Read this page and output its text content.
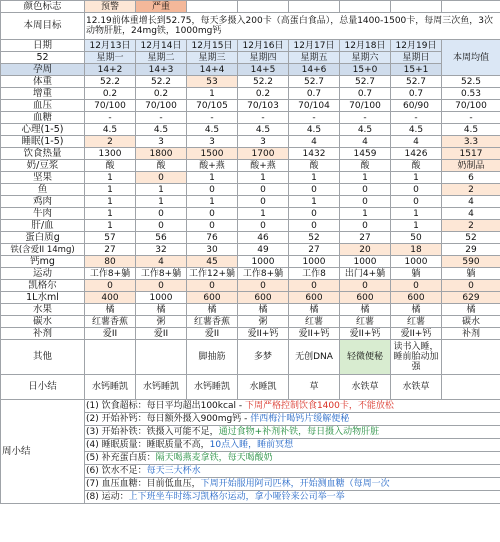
颜色标志	预警	严重						
本周目标	12.19前体重增长到52.75，每天多摄入200卡（高蛋白食品），总量1400-1500卡，每周三次鱼，3次动物肝脏，24mg铁，1000mg钙							
日期	12月13日	12月14日	12月15日	12月16日	12月17日	12月18日	12月19日	本周均值
52	星期一	星期二	星期三	星期四	星期五	星期六	星期日	
孕周	14+2	14+3	14+4	14+5	14+6	15+0	15+1	
体重	52.2	52.2	53	52.2	52.7	52.7	52.7	52.5
增重	0.2	0.2	1	0.2	0.7	0.7	0.7	0.53
血压	70/100	70/100	70/105	70/103	70/104	70/100	60/90	70/100
血糖	-	-	-	-	-	-	-	-
心理(1-5)	4.5	4.5	4.5	4.5	4.5	4.5	4.5	4.5
睡眠(1-5)	2	3	3	3	4	4	4	3.3
饮食热量	1300	1800	1500	1700	1432	1459	1426	1517
奶/豆浆	酸	酸	酸+燕	酸+燕	酸	酸	酸	奶制品
坚果	1	0	1	1	1	1	1	6
鱼	1	1	0	0	0	0	0	2
鸡肉	1	1	1	0	1	0	0	4
牛肉	1	0	0	1	0	1	1	4
肝/血	1	0	0	0	0	0	1	2
蛋白质g	57	56	76	46	52	27	50	52
铁(含爱II 14mg)	27	32	30	49	27	20	18	29
钙mg	80	4	45	1000	1000	1000	1000	590
运动	工作8+躺	工作8+躺	工作12+躺	工作8+躺	工作8	出门4+躺	躺	躺
凯格尔	0	0	0	0	0	0	0	0
1L水ml	400	1000	600	600	600	600	600	629
水果	橘	橘	橘	橘	橘	橘	橘	橘
碳水	红薯香蕉	粥	红薯香蕉	粥	红薯	红薯	红薯	碳水
补剂	爱II	爱II	爱II	爱II+钙	爱II+钙	爱II+钙	爱II+钙	补剂
其他			脚抽筋	多梦	无创DNA	轻微便秘	读书入睡，睡前胎动加强	
日小结	水钙睡凯	水钙睡凯	水钙睡凯	水睡凯	草	水铁草	水铁草	
周小结	(1) 饮食超标：每日平均超出100kcal - 下周严格控制饮食1400卡，不能放松							
	(2) 开始补钙：每日额外摄入900mg钙 - 伴西梅汁喝钙片缓解便秘							
	(3) 开始补铁：铁摄入可能不足，通过食物+补剂补铁，每日摄入动物肝脏							
	(4) 睡眠质量：睡眠质量不高，10点入睡，睡前冥想							
	(5) 补充蛋白质：隔天喝燕麦拿铁，每天喝酸奶							
	(6) 饮水不足：每天三大杯水							
	(7) 血压血糖：目前低血压，下周开始服用阿司匹林，开始测血糖（每周一次							
	(8) 运动：上下班坐车时练习凯格尔运动，拿小哑铃来公司举一举							
